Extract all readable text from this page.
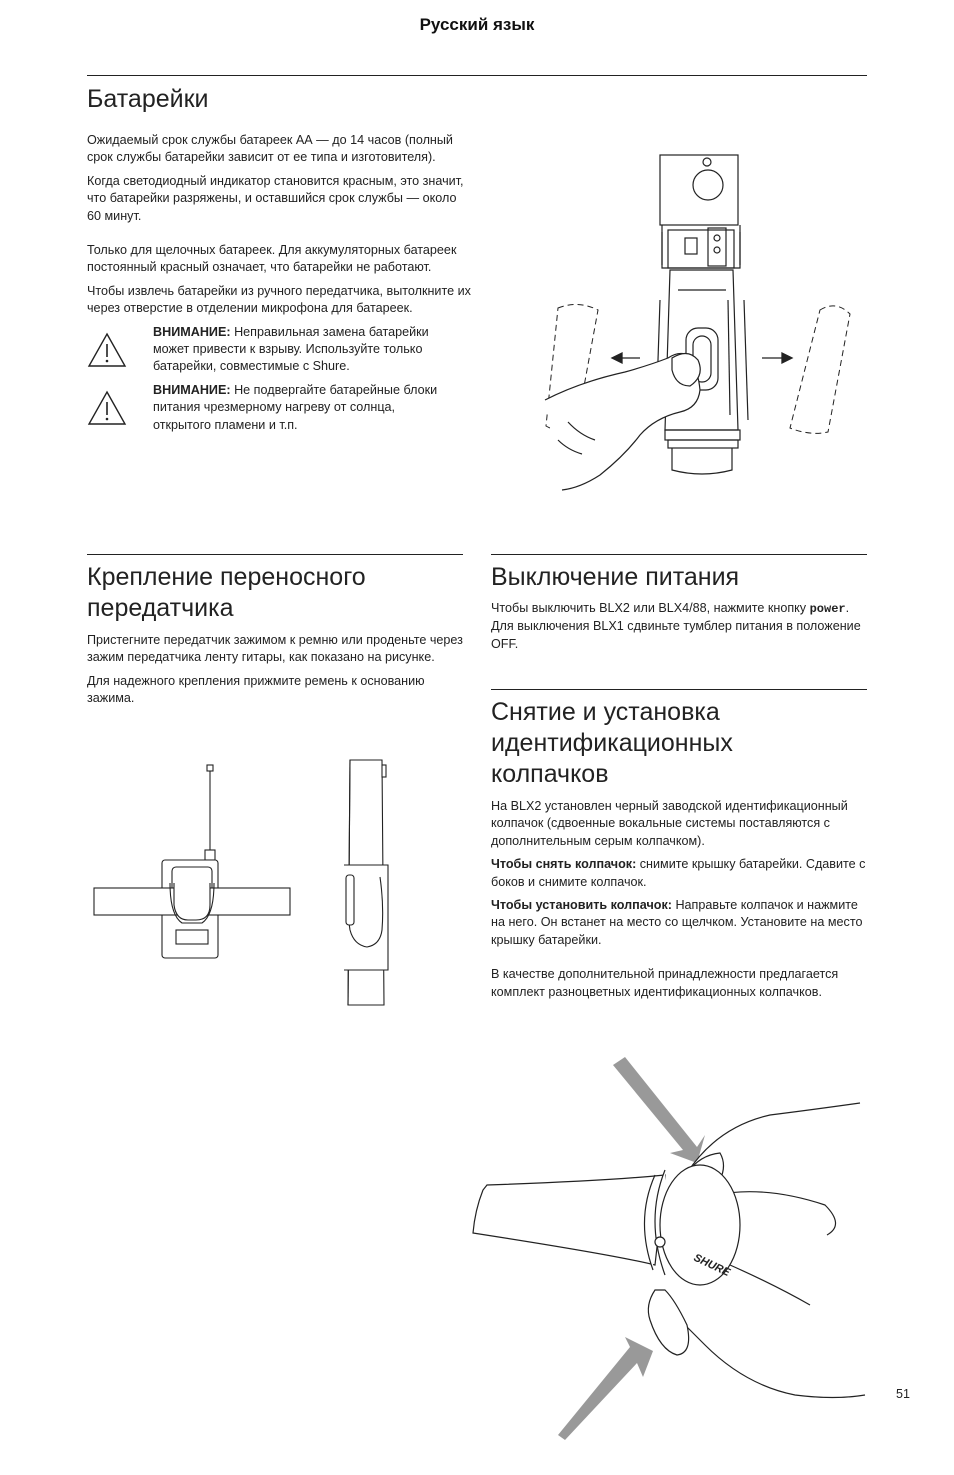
Русский язык
Батарейки

Ожидаемый срок службы батареек АА — до 14 часов (полный срок службы батарейки зависит от ее типа и изготовителя).

Когда светодиодный индикатор становится красным, это значит, что батарейки разряжены, и оставшийся срок службы — около 60 минут.

Только для щелочных батареек. Для аккумуляторных батареек постоянный красный означает, что батарейки не работают.

Чтобы извлечь батарейки из ручного передатчика, вытолкните их через отверстие в отделении микрофона для батареек.

ВНИМАНИЕ: Неправильная замена батарейки может привести к взрыву. Используйте только батарейки, совместимые с Shure.

ВНИМАНИЕ: Не подвергайте батарейные блоки питания чрезмерному нагреву от солнца, открытого пламени и т.п.

Крепление переносного передатчика

Пристегните передатчик зажимом к ремню или проденьте через зажим передатчика ленту гитары, как показано на рисунке.

Для надежного крепления прижмите ремень к основанию зажима.

Выключение питания

Чтобы выключить BLX2 или BLX4/88, нажмите кнопку power. Для выключения BLX1 сдвиньте тумблер питания в положение OFF.

Снятие и установка идентификационных колпачков

На BLX2 установлен черный заводской идентификационный колпачок (сдвоенные вокальные системы поставляются с дополнительным серым колпачком).

Чтобы снять колпачок: снимите крышку батарейки. Сдавите с боков и снимите колпачок.

Чтобы установить колпачок: Направьте колпачок и нажмите на него. Он встанет на место со щелчком. Установите на место крышку батарейки.

В качестве дополнительной принадлежности предлагается комплект разноцветных идентификационных колпачков.

SHURE
51
